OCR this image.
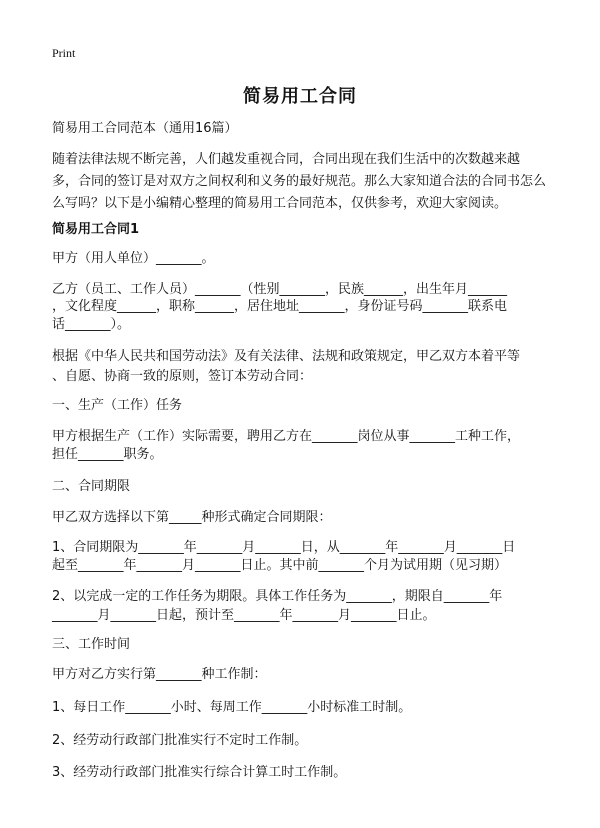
Print
简易用工合同
简易用工合同范本（通用16篇）
随着法律法规不断完善，人们越发重视合同，合同出现在我们生活中的次数越来越
多，合同的签订是对双方之间权利和义务的最好规范。那么大家知道合法的合同书怎么
么写吗？以下是小编精心整理的简易用工合同范本，仅供参考，欢迎大家阅读。
简易用工合同1
甲方（用人单位）_______。
乙方（员工、工作人员）_______（性别_______，民族______，出生年月______
，文化程度______，职称______，居住地址_______，身份证号码_______联系电
话_______）。
根据《中华人民共和国劳动法》及有关法律、法规和政策规定，甲乙双方本着平等
、自愿、协商一致的原则，签订本劳动合同：
一、生产（工作）任务
甲方根据生产（工作）实际需要，聘用乙方在_______岗位从事_______工种工作，
担任_______职务。
二、合同期限
甲乙双方选择以下第_____种形式确定合同期限：
1、合同期限为_______年_______月_______日，从_______年_______月_______日
起至_______年_______月_______日止。其中前_______个月为试用期（见习期）
2、以完成一定的工作任务为期限。具体工作任务为_______，期限自_______年
_______月_______日起，预计至_______年_______月_______日止。
三、工作时间
甲方对乙方实行第_______种工作制：
1、每日工作_______小时、每周工作_______小时标准工时制。
2、经劳动行政部门批准实行不定时工作制。
3、经劳动行政部门批准实行综合计算工时工作制。
